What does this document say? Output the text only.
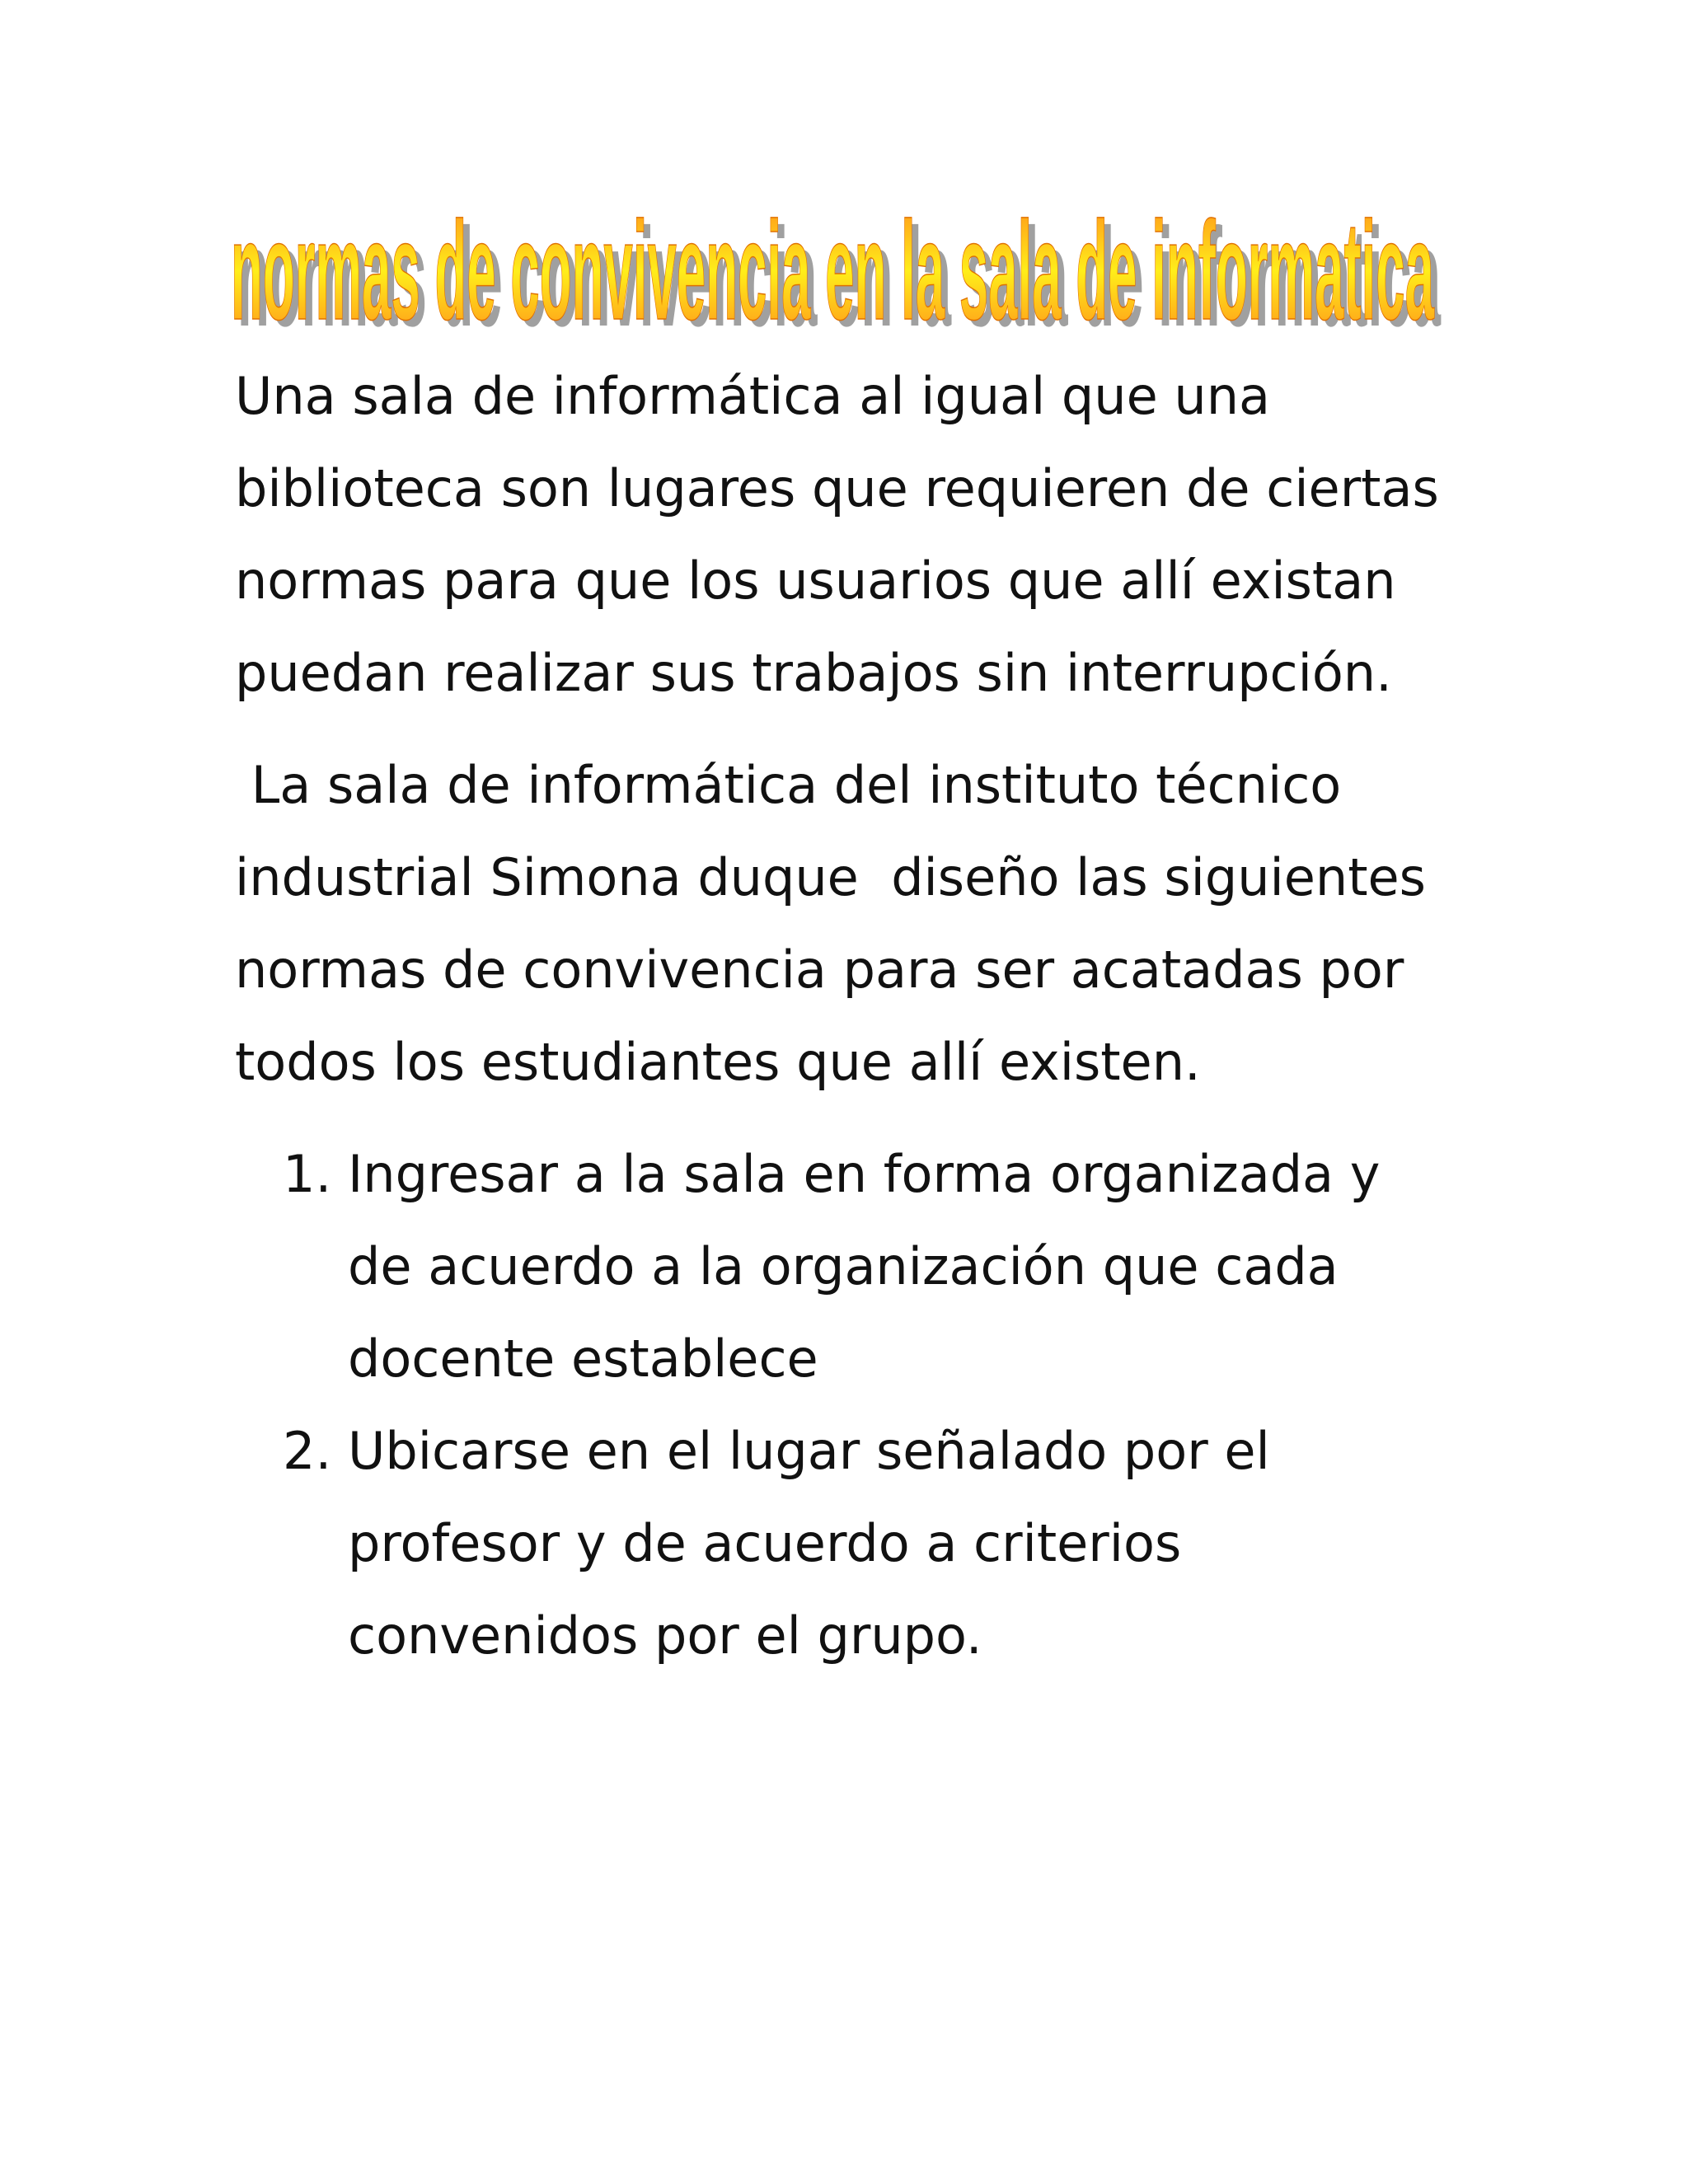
normas de convivencia en la sala de informatica
normas de convivencia en la sala de informatica

Una sala de informática al igual que una biblioteca son lugares que requieren de ciertas normas para que los usuarios que allí existan puedan realizar sus trabajos sin interrupción.

La sala de informática del instituto técnico industrial Simona duque  diseño las siguientes normas de convivencia para ser acatadas por todos los estudiantes que allí existen.

1. Ingresar a la sala en forma organizada y de acuerdo a la organización que cada docente establece
2. Ubicarse en el lugar señalado por el profesor y de acuerdo a criterios convenidos por el grupo.
